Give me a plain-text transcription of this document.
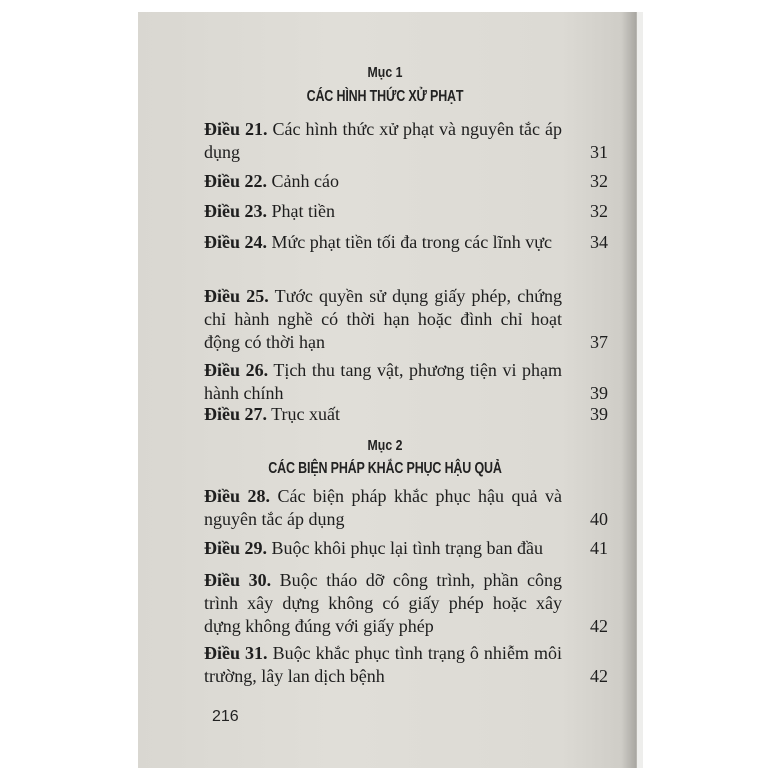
Mục 1
CÁC HÌNH THỨC XỬ PHẠT
Điều 21. Các hình thức xử phạt và nguyên tắc áp dụng	31
Điều 22. Cảnh cáo	32
Điều 23. Phạt tiền	32
Điều 24. Mức phạt tiền tối đa trong các lĩnh vực	34
Điều 25. Tước quyền sử dụng giấy phép, chứng chỉ hành nghề có thời hạn hoặc đình chỉ hoạt động có thời hạn	37
Điều 26. Tịch thu tang vật, phương tiện vi phạm hành chính	39
Điều 27. Trục xuất	39
Mục 2
CÁC BIỆN PHÁP KHẮC PHỤC HẬU QUẢ
Điều 28. Các biện pháp khắc phục hậu quả và nguyên tắc áp dụng	40
Điều 29. Buộc khôi phục lại tình trạng ban đầu	41
Điều 30. Buộc tháo dỡ công trình, phần công trình xây dựng không có giấy phép hoặc xây dựng không đúng với giấy phép	42
Điều 31. Buộc khắc phục tình trạng ô nhiễm môi trường, lây lan dịch bệnh	42
216
